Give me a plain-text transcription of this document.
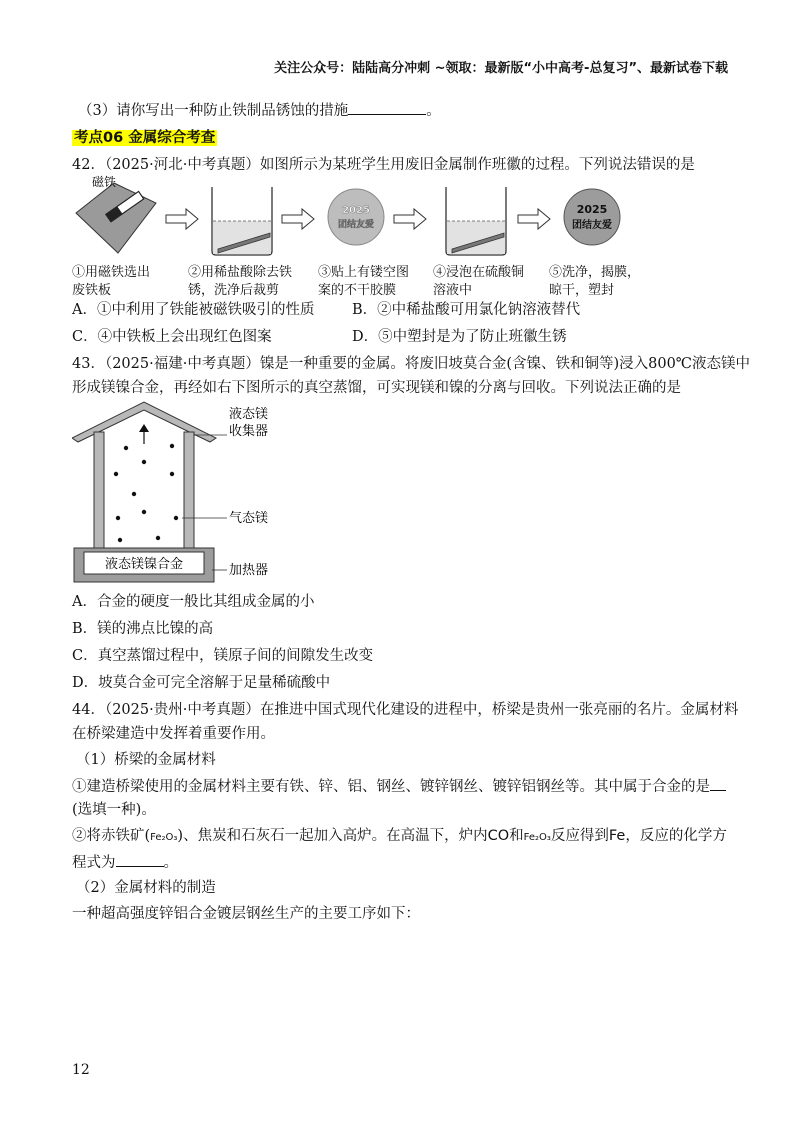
关注公众号：陆陆高分冲刺 ~领取：最新版“小中高考-总复习”、最新试卷下载
（3）请你写出一种防止铁制品锈蚀的措施	。
考点06 金属综合考查
42．（2025·河北·中考真题）如图所示为某班学生用废旧金属制作班徽的过程。下列说法错误的是
磁铁
2025
团结友爱
2025
团结友爱
①用磁铁选出
废铁板
②用稀盐酸除去铁
锈，洗净后裁剪
③贴上有镂空图
案的不干胶膜
④浸泡在硫酸铜
溶液中
⑤洗净，揭膜，
晾干，塑封
A．①中利用了铁能被磁铁吸引的性质	B．②中稀盐酸可用氯化钠溶液替代
C．④中铁板上会出现红色图案	D．⑤中塑封是为了防止班徽生锈
43．（2025·福建·中考真题）镍是一种重要的金属。将废旧坡莫合金(含镍、铁和铜等)浸入800℃液态镁中
形成镁镍合金，再经如右下图所示的真空蒸馏，可实现镁和镍的分离与回收。下列说法正确的是
液态镁镍合金
液态镁
收集器
气态镁
加热器
A．合金的硬度一般比其组成金属的小
B．镁的沸点比镍的高
C．真空蒸馏过程中，镁原子间的间隙发生改变
D．坡莫合金可完全溶解于足量稀硫酸中
44．（2025·贵州·中考真题）在推进中国式现代化建设的进程中，桥梁是贵州一张亮丽的名片。金属材料
在桥梁建造中发挥着重要作用。
（1）桥梁的金属材料
①建造桥梁使用的金属材料主要有铁、锌、铝、钢丝、镀锌钢丝、镀锌铝钢丝等。其中属于合金的是
(选填一种)。
②将赤铁矿(Fe₂O₃)、焦炭和石灰石一起加入高炉。在高温下，炉内CO和Fe₂O₃反应得到Fe，反应的化学方
程式为	。
（2）金属材料的制造
一种超高强度锌铝合金镀层钢丝生产的主要工序如下：
12
